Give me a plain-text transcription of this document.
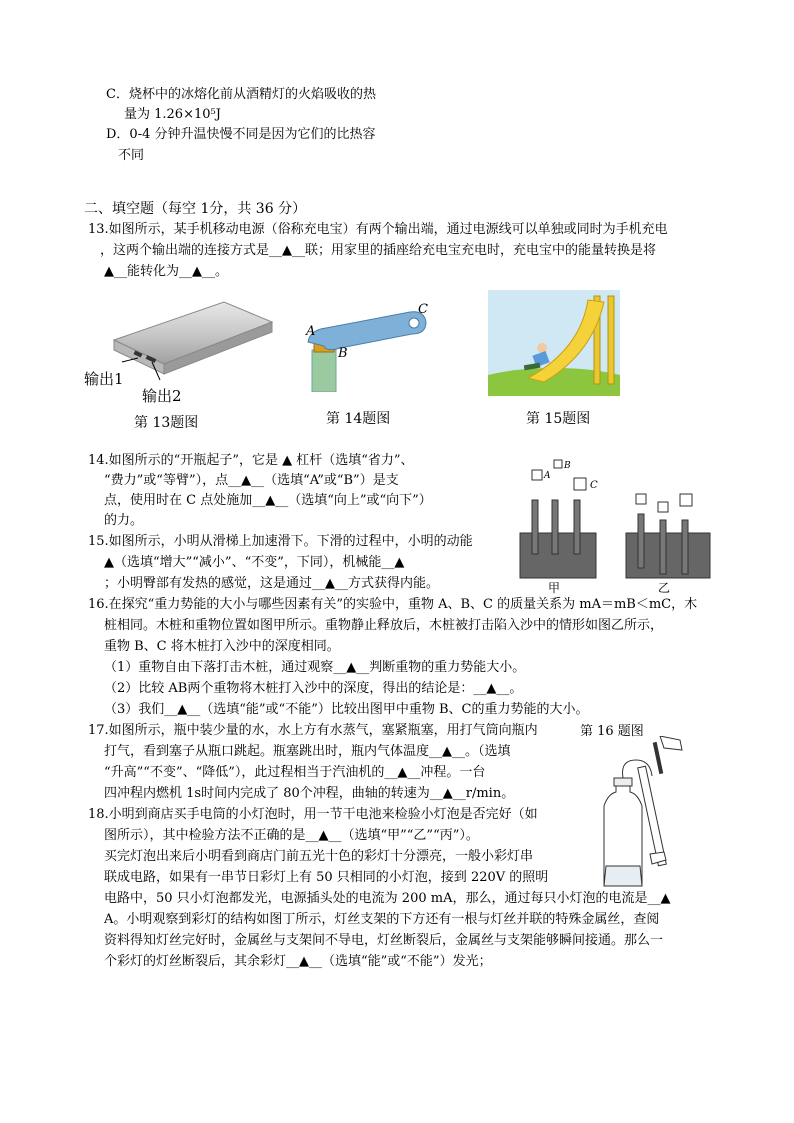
C．烧杯中的冰熔化前从酒精灯的火焰吸收的热
量为 1.26×10⁵J
D．0-4 分钟升温快慢不同是因为它们的比热容
不同
二、填空题（每空 1分，共 36 分）
13.如图所示，某手机移动电源（俗称充电宝）有两个输出端，通过电源线可以单独或同时为手机充电
，这两个输出端的连接方式是__▲__联；用家里的插座给充电宝充电时，充电宝中的能量转换是将
▲__能转化为__▲__。
输出1
输出2
第 13题图
A
B
C
第 14题图	第 15题图
14.如图所示的“开瓶起子”，它是 ▲ 杠杆（选填“省力”、
“费力”或“等臂”），点__▲__（选填“A”或“B”）是支
点，使用时在 C 点处施加__▲__（选填“向上”或“向下”）
的力。
15.如图所示，小明从滑梯上加速滑下。下滑的过程中，小明的动能
▲（选填“增大”“减小”、“不变”，下同），机械能__▲
；小明臀部有发热的感觉，这是通过__▲__方式获得内能。
A
B
C
甲	乙
16.在探究“重力势能的大小与哪些因素有关”的实验中，重物 A、B、C 的质量关系为 mA＝mB＜mC，木
桩相同。木桩和重物位置如图甲所示。重物静止释放后，木桩被打击陷入沙中的情形如图乙所示，
重物 B、C 将木桩打入沙中的深度相同。
（1）重物自由下落打击木桩，通过观察__▲__判断重物的重力势能大小。
（2）比较 AB两个重物将木桩打入沙中的深度，得出的结论是：__▲__。
（3）我们__▲__（选填“能”或“不能”）比较出图甲中重物 B、C的重力势能的大小。
第 16 题图
17.如图所示，瓶中装少量的水，水上方有水蒸气，塞紧瓶塞，用打气筒向瓶内
打气，看到塞子从瓶口跳起。瓶塞跳出时，瓶内气体温度__▲__。（选填
“升高”“不变”、“降低”），此过程相当于汽油机的__▲__冲程。一台
四冲程内燃机 1s时间内完成了 80个冲程，曲轴的转速为__▲__r/min。
18.小明到商店买手电筒的小灯泡时，用一节干电池来检验小灯泡是否完好（如
图所示），其中检验方法不正确的是__▲__（选填“甲”“乙”“丙”）。
买完灯泡出来后小明看到商店门前五光十色的彩灯十分漂亮，一般小彩灯串
联成电路，如果有一串节日彩灯上有 50 只相同的小灯泡，接到 220V 的照明
电路中，50 只小灯泡都发光，电源插头处的电流为 200 mA，那么，通过每只小灯泡的电流是__▲
A。小明观察到彩灯的结构如图丁所示，灯丝支架的下方还有一根与灯丝并联的特殊金属丝，查阅
资料得知灯丝完好时，金属丝与支架间不导电，灯丝断裂后，金属丝与支架能够瞬间接通。那么一
个彩灯的灯丝断裂后，其余彩灯__▲__（选填“能”或“不能”）发光；
